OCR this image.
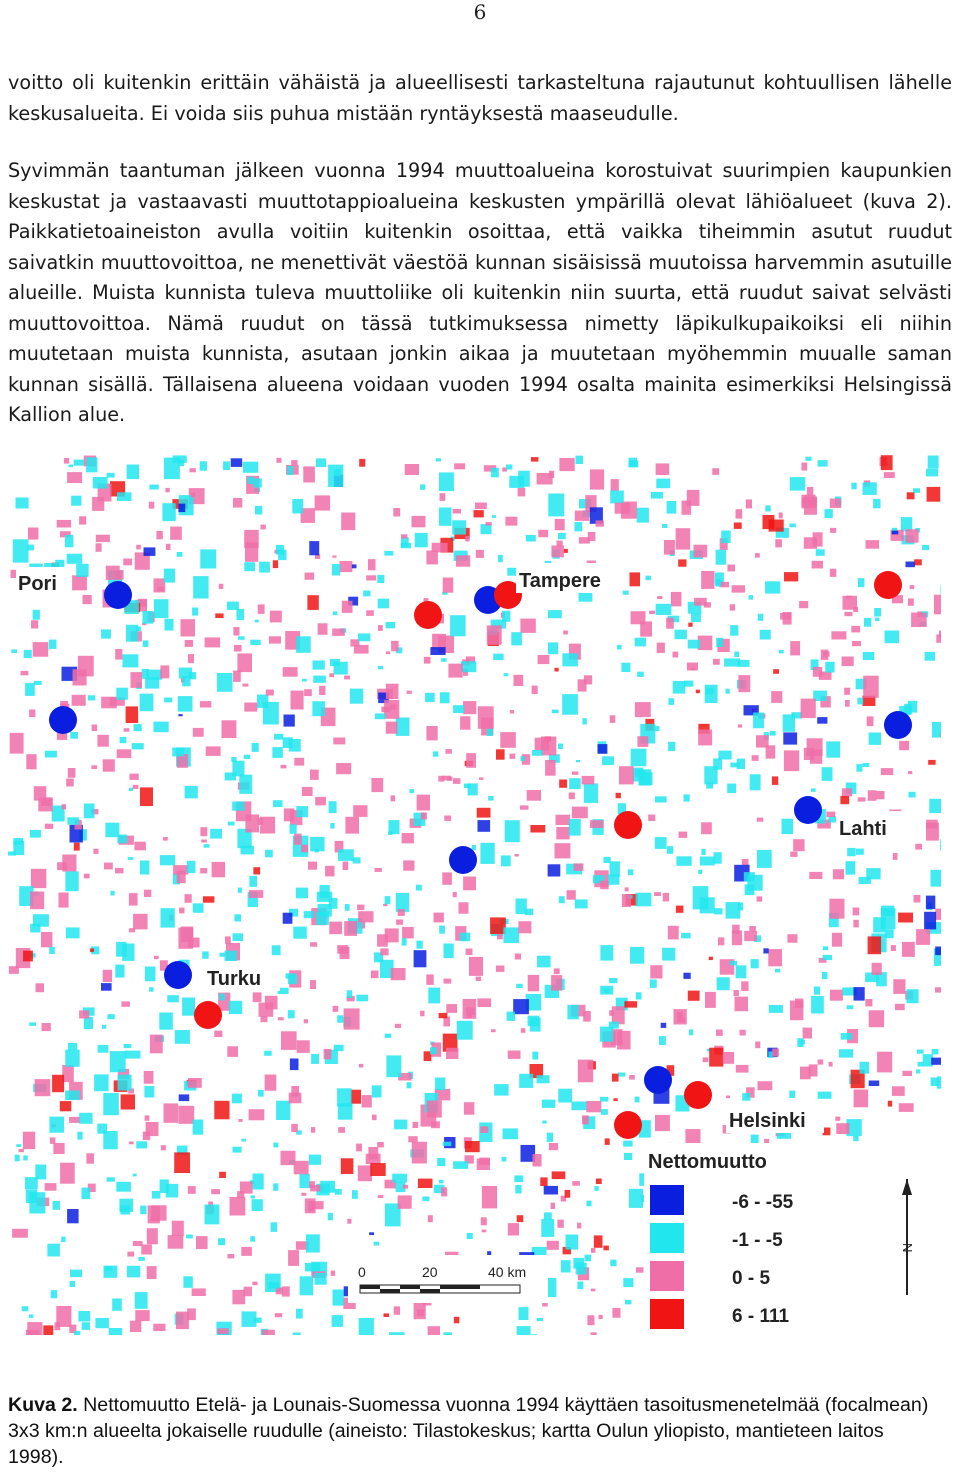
6

voitto oli kuitenkin erittäin vähäistä ja alueellisesti tarkasteltuna rajautunut kohtuullisen lähelle keskusalueita. Ei voida siis puhua mistään ryntäyksestä maaseudulle.

Syvimmän taantuman jälkeen vuonna 1994 muuttoalueina korostuivat suurimpien kaupunkien keskustat ja vastaavasti muuttotappioalueina keskusten ympärillä olevat lähiöalueet (kuva 2). Paikkatietoaineiston avulla voitiin kuitenkin osoittaa, että vaikka tiheimmin asutut ruudut saivatkin muuttovoittoa, ne menettivät väestöä kunnan sisäisissä muutoissa harvemmin asutuille alueille. Muista kunnista tuleva muuttoliike oli kuitenkin niin suurta, että ruudut saivat selvästi muuttovoittoa. Nämä ruudut on tässä tutkimuksessa nimetty läpikulkupaikoiksi eli niihin muutetaan muista kunnista, asutaan jonkin aikaa ja muutetaan myöhemmin muualle saman kunnan sisällä. Tällaisena alueena voidaan vuoden 1994 osalta mainita esimerkiksi Helsingissä Kallion alue.

Pori	Tampere
Lahti
Turku
Helsinki
Nettomuutto
-6 - -55
-1 - -5
0 - 5
6 - 111
0	20	40 km
N
Kuva 2. Nettomuutto Etelä- ja Lounais-Suomessa vuonna 1994 käyttäen tasoitusmenetelmää (focalmean) 3x3 km:n alueelta jokaiselle ruudulle (aineisto: Tilastokeskus; kartta Oulun yliopisto, mantieteen laitos 1998).
